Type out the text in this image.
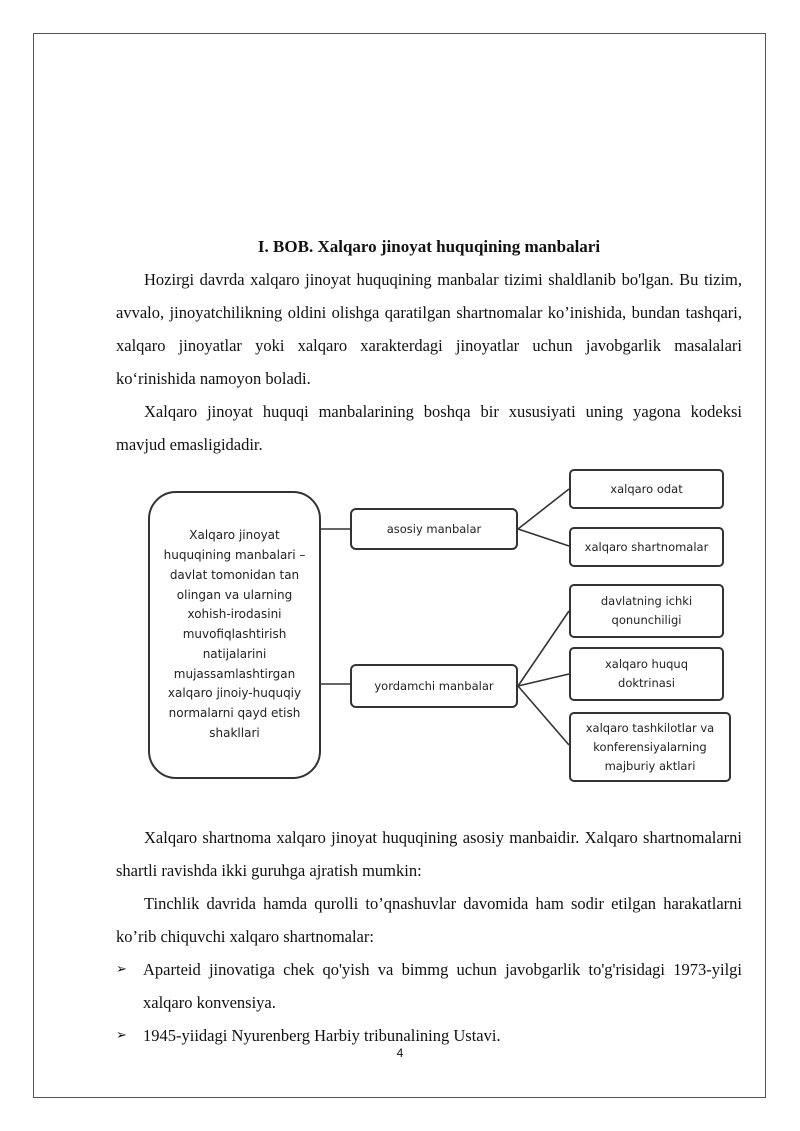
I. BOB. Xalqaro jinoyat huquqining manbalari

Hozirgi davrda xalqaro jinoyat huquqining manbalar tizimi shaldlanib bo'lgan. Bu tizim, avvalo, jinoyatchilikning oldini olishga qaratilgan shartnomalar ko’inishida, bundan tashqari, xalqaro jinoyatlar yoki xalqaro xarakterdagi jinoyatlar uchun javobgarlik masalalari ko‘rinishida namoyon boladi.

Xalqaro jinoyat huquqi manbalarining boshqa bir xususiyati uning yagona kodeksi mavjud emasligidadir.

Xalqaro jinoyat huquqining manbalari – davlat tomonidan tan olingan va ularning xohish-irodasini muvofiqlashtirish natijalarini mujassamlashtirgan xalqaro jinoiy-huquqiy normalarni qayd etish shakllari
asosiy manbalar
yordamchi manbalar
xalqaro odat
xalqaro shartnomalar
davlatning ichki qonunchiligi
xalqaro huquq doktrinasi
xalqaro tashkilotlar va konferensiyalarning majburiy aktlari

Xalqaro shartnoma xalqaro jinoyat huquqining asosiy manbaidir. Xalqaro shartnomalarni shartli ravishda ikki guruhga ajratish mumkin:

Tinchlik davrida hamda qurolli to’qnashuvlar davomida ham sodir etilgan harakatlarni ko’rib chiquvchi xalqaro shartnomalar:

➢ Aparteid jinovatiga chek qo'yish va bimmg uchun javobgarlik to'g'risidagi 1973-yilgi xalqaro konvensiya.
➢ 1945-yiidagi Nyurenberg Harbiy tribunalining Ustavi.
4
